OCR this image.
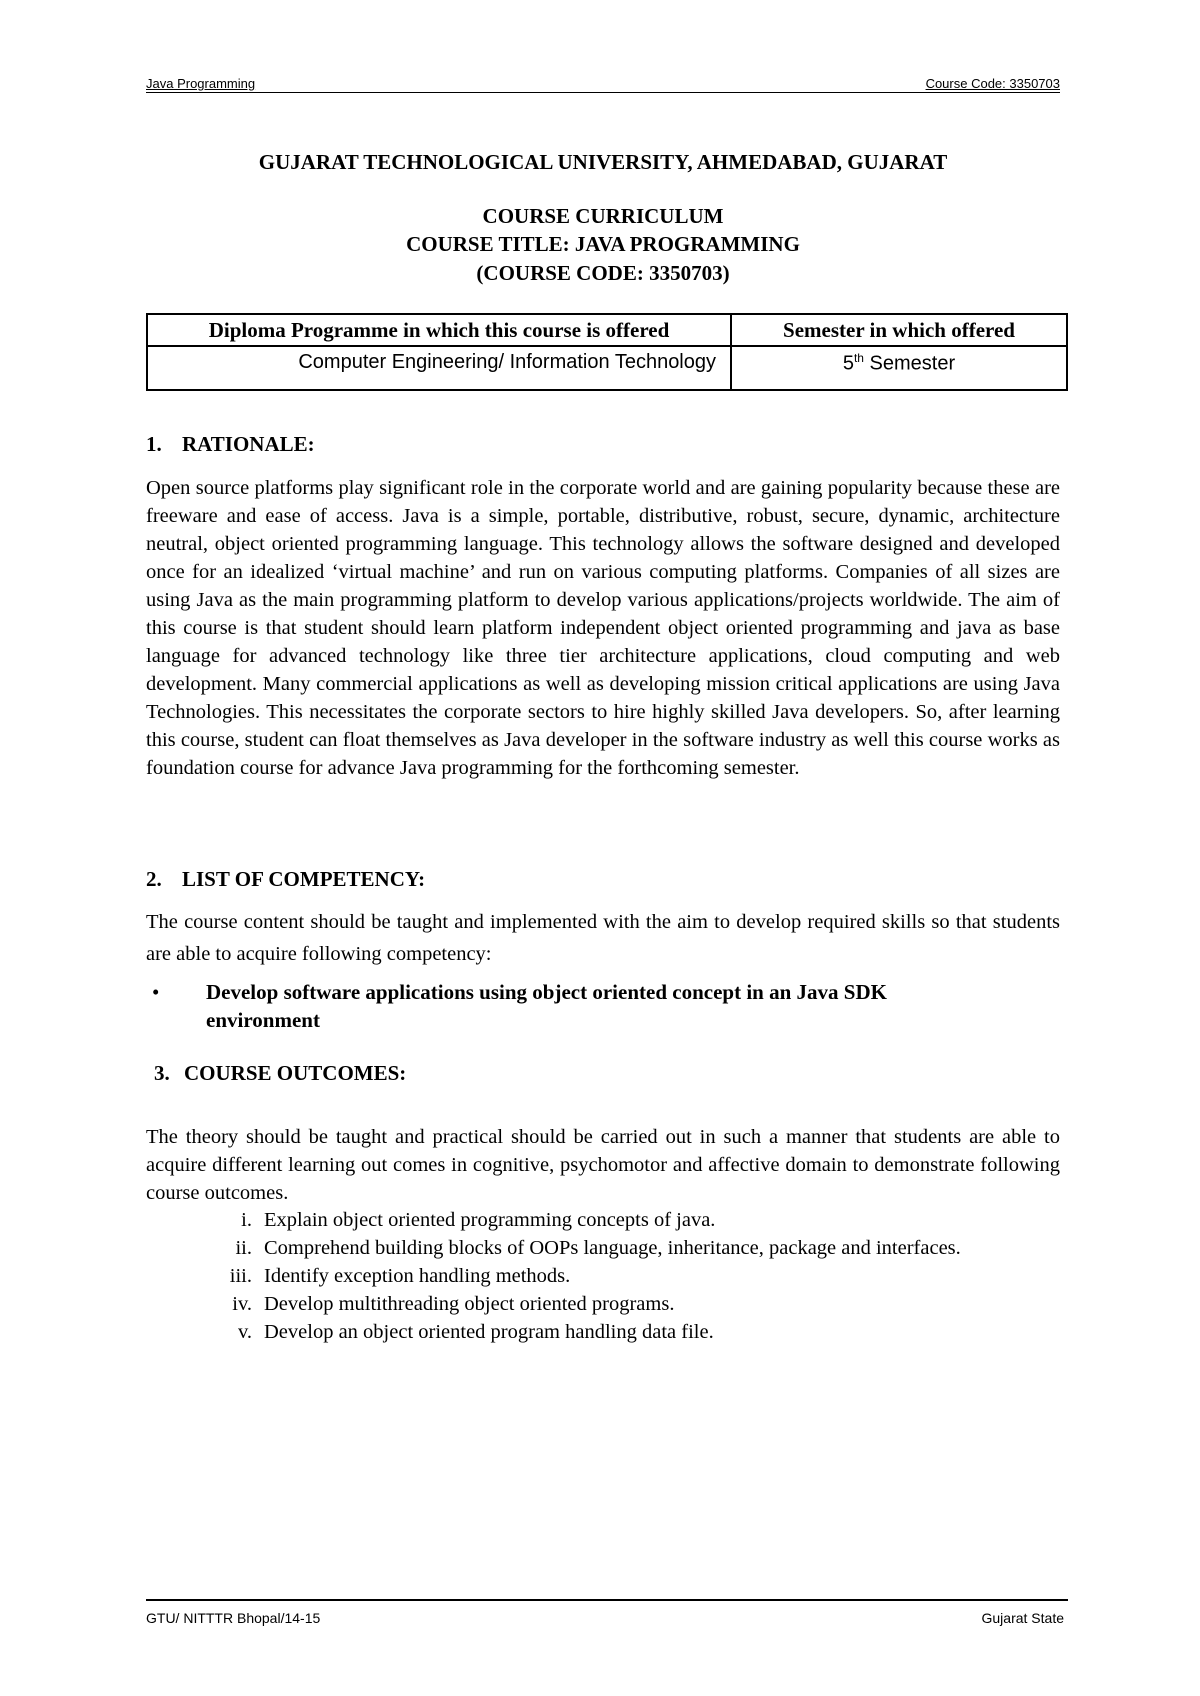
Java Programming	Course Code: 3350703
GUJARAT TECHNOLOGICAL UNIVERSITY, AHMEDABAD, GUJARAT
COURSE CURRICULUM
COURSE TITLE: JAVA PROGRAMMING
(COURSE CODE: 3350703)
Diploma Programme in which this course is offered	Semester in which offered
Computer Engineering/ Information Technology	5th Semester
1. RATIONALE:
Open source platforms play significant role in the corporate world and are gaining popularity because these are freeware and ease of access. Java is a simple, portable, distributive, robust, secure, dynamic, architecture neutral, object oriented programming language. This technology allows the software designed and developed once for an idealized ‘virtual machine’ and run on various computing platforms. Companies of all sizes are using Java as the main programming platform to develop various applications/projects worldwide. The aim of this course is that student should learn platform independent object oriented programming and java as base language for advanced technology like three tier architecture applications, cloud computing and web development. Many commercial applications as well as developing mission critical applications are using Java Technologies. This necessitates the corporate sectors to hire highly skilled Java developers. So, after learning this course, student can float themselves as Java developer in the software industry as well this course works as foundation course for advance Java programming for the forthcoming semester.
2. LIST OF COMPETENCY:
The course content should be taught and implemented with the aim to develop required skills so that students are able to acquire following competency:
• Develop software applications using object oriented concept in an Java SDK environment
3. COURSE OUTCOMES:
The theory should be taught and practical should be carried out in such a manner that students are able to acquire different learning out comes in cognitive, psychomotor and affective domain to demonstrate following course outcomes.
i. Explain object oriented programming concepts of java.
ii. Comprehend building blocks of OOPs language, inheritance, package and interfaces.
iii. Identify exception handling methods.
iv. Develop multithreading object oriented programs.
v. Develop an object oriented program handling data file.
GTU/ NITTTR Bhopal/14-15	Gujarat State
